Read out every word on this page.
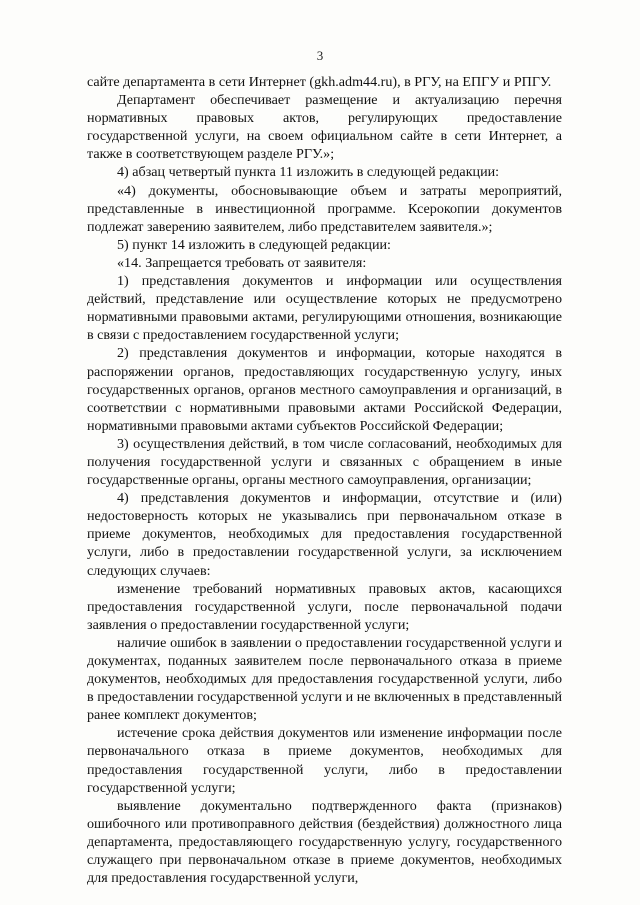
3

сайте департамента в сети Интернет (gkh.adm44.ru), в РГУ, на ЕПГУ и РПГУ.

Департамент обеспечивает размещение и актуализацию перечня нормативных правовых актов, регулирующих предоставление государственной услуги, на своем официальном сайте в сети Интернет, а также в соответствующем разделе РГУ.»;

4) абзац четвертый пункта 11 изложить в следующей редакции:

«4) документы, обосновывающие объем и затраты мероприятий, представленные в инвестиционной программе. Ксерокопии документов подлежат заверению заявителем, либо представителем заявителя.»;

5) пункт 14 изложить в следующей редакции:

«14. Запрещается требовать от заявителя:

1) представления документов и информации или осуществления действий, представление или осуществление которых не предусмотрено нормативными правовыми актами, регулирующими отношения, возникающие в связи с предоставлением государственной услуги;

2) представления документов и информации, которые находятся в распоряжении органов, предоставляющих государственную услугу, иных государственных органов, органов местного самоуправления и организаций, в соответствии с нормативными правовыми актами Российской Федерации, нормативными правовыми актами субъектов Российской Федерации;

3) осуществления действий, в том числе согласований, необходимых для получения государственной услуги и связанных с обращением в иные государственные органы, органы местного самоуправления, организации;

4) представления документов и информации, отсутствие и (или) недостоверность которых не указывались при первоначальном отказе в приеме документов, необходимых для предоставления государственной услуги, либо в предоставлении государственной услуги, за исключением следующих случаев:

изменение требований нормативных правовых актов, касающихся предоставления государственной услуги, после первоначальной подачи заявления о предоставлении государственной услуги;

наличие ошибок в заявлении о предоставлении государственной услуги и документах, поданных заявителем после первоначального отказа в приеме документов, необходимых для предоставления государственной услуги, либо в предоставлении государственной услуги и не включенных в представленный ранее комплект документов;

истечение срока действия документов или изменение информации после первоначального отказа в приеме документов, необходимых для предоставления государственной услуги, либо в предоставлении государственной услуги;

выявление документально подтвержденного факта (признаков) ошибочного или противоправного действия (бездействия) должностного лица департамента, предоставляющего государственную услугу, государственного служащего при первоначальном отказе в приеме документов, необходимых для предоставления государственной услуги,
